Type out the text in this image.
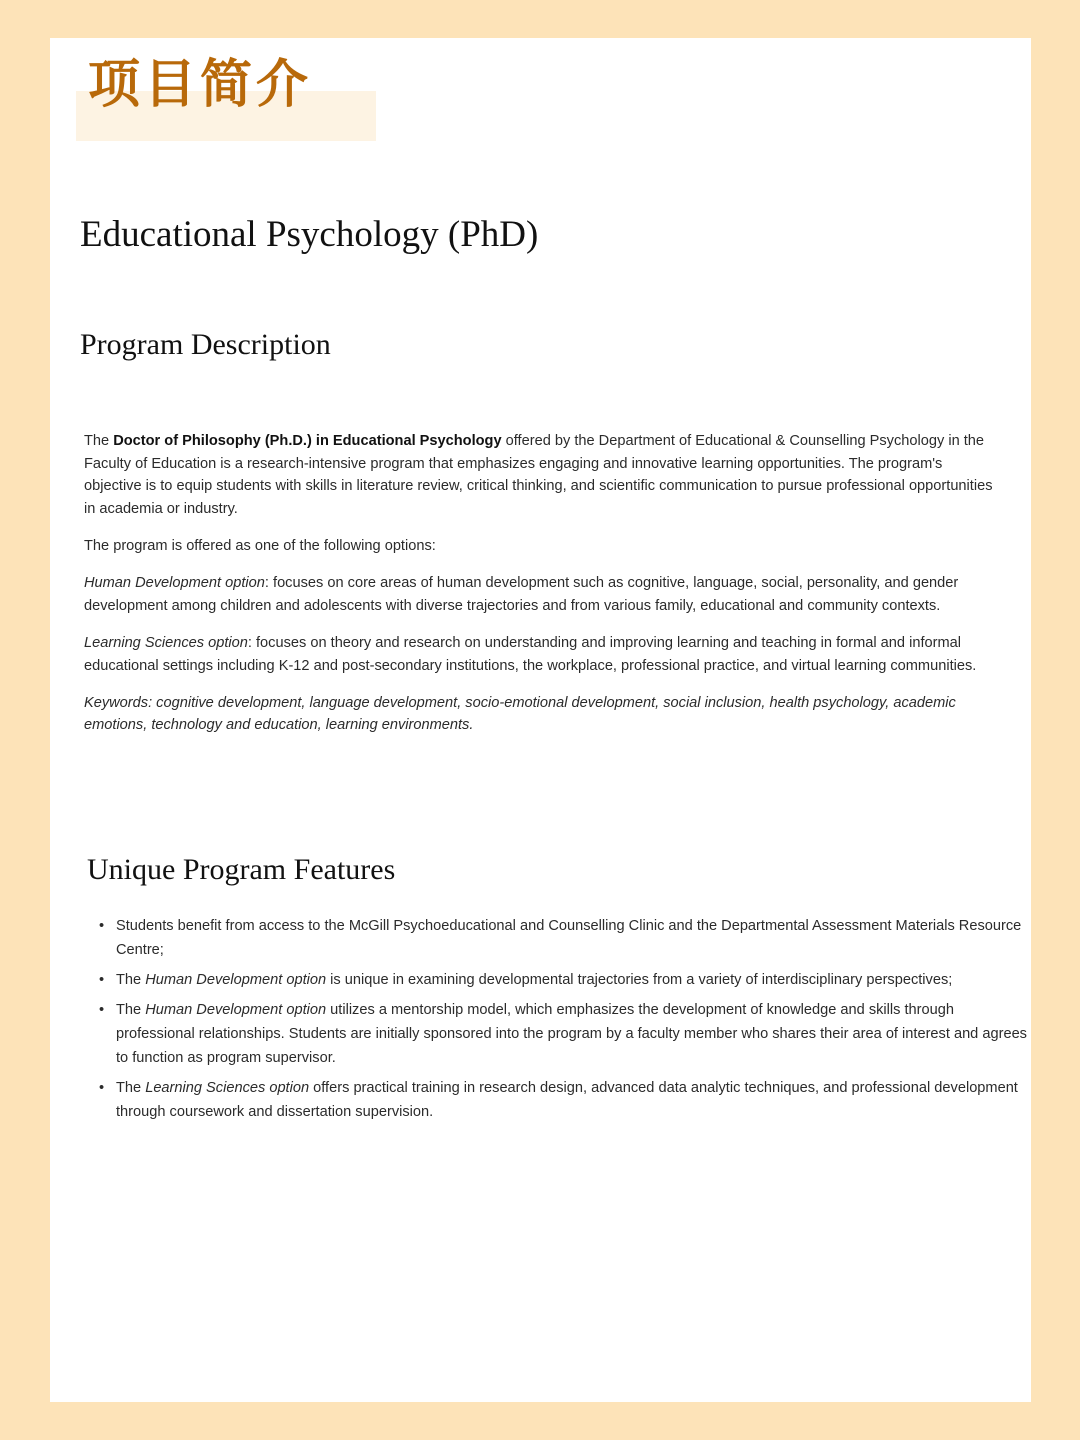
项目简介
Educational Psychology (PhD)
Program Description

The Doctor of Philosophy (Ph.D.) in Educational Psychology offered by the Department of Educational & Counselling Psychology in the Faculty of Education is a research-intensive program that emphasizes engaging and innovative learning opportunities. The program's objective is to equip students with skills in literature review, critical thinking, and scientific communication to pursue professional opportunities in academia or industry.

The program is offered as one of the following options:

Human Development option: focuses on core areas of human development such as cognitive, language, social, personality, and gender development among children and adolescents with diverse trajectories and from various family, educational and community contexts.

Learning Sciences option: focuses on theory and research on understanding and improving learning and teaching in formal and informal educational settings including K-12 and post-secondary institutions, the workplace, professional practice, and virtual learning communities.

Keywords: cognitive development, language development, socio-emotional development, social inclusion, health psychology, academic emotions, technology and education, learning environments.

Unique Program Features
• Students benefit from access to the McGill Psychoeducational and Counselling Clinic and the Departmental Assessment Materials Resource Centre;
• The Human Development option is unique in examining developmental trajectories from a variety of interdisciplinary perspectives;
• The Human Development option utilizes a mentorship model, which emphasizes the development of knowledge and skills through professional relationships. Students are initially sponsored into the program by a faculty member who shares their area of interest and agrees to function as program supervisor.
• The Learning Sciences option offers practical training in research design, advanced data analytic techniques, and professional development through coursework and dissertation supervision.
